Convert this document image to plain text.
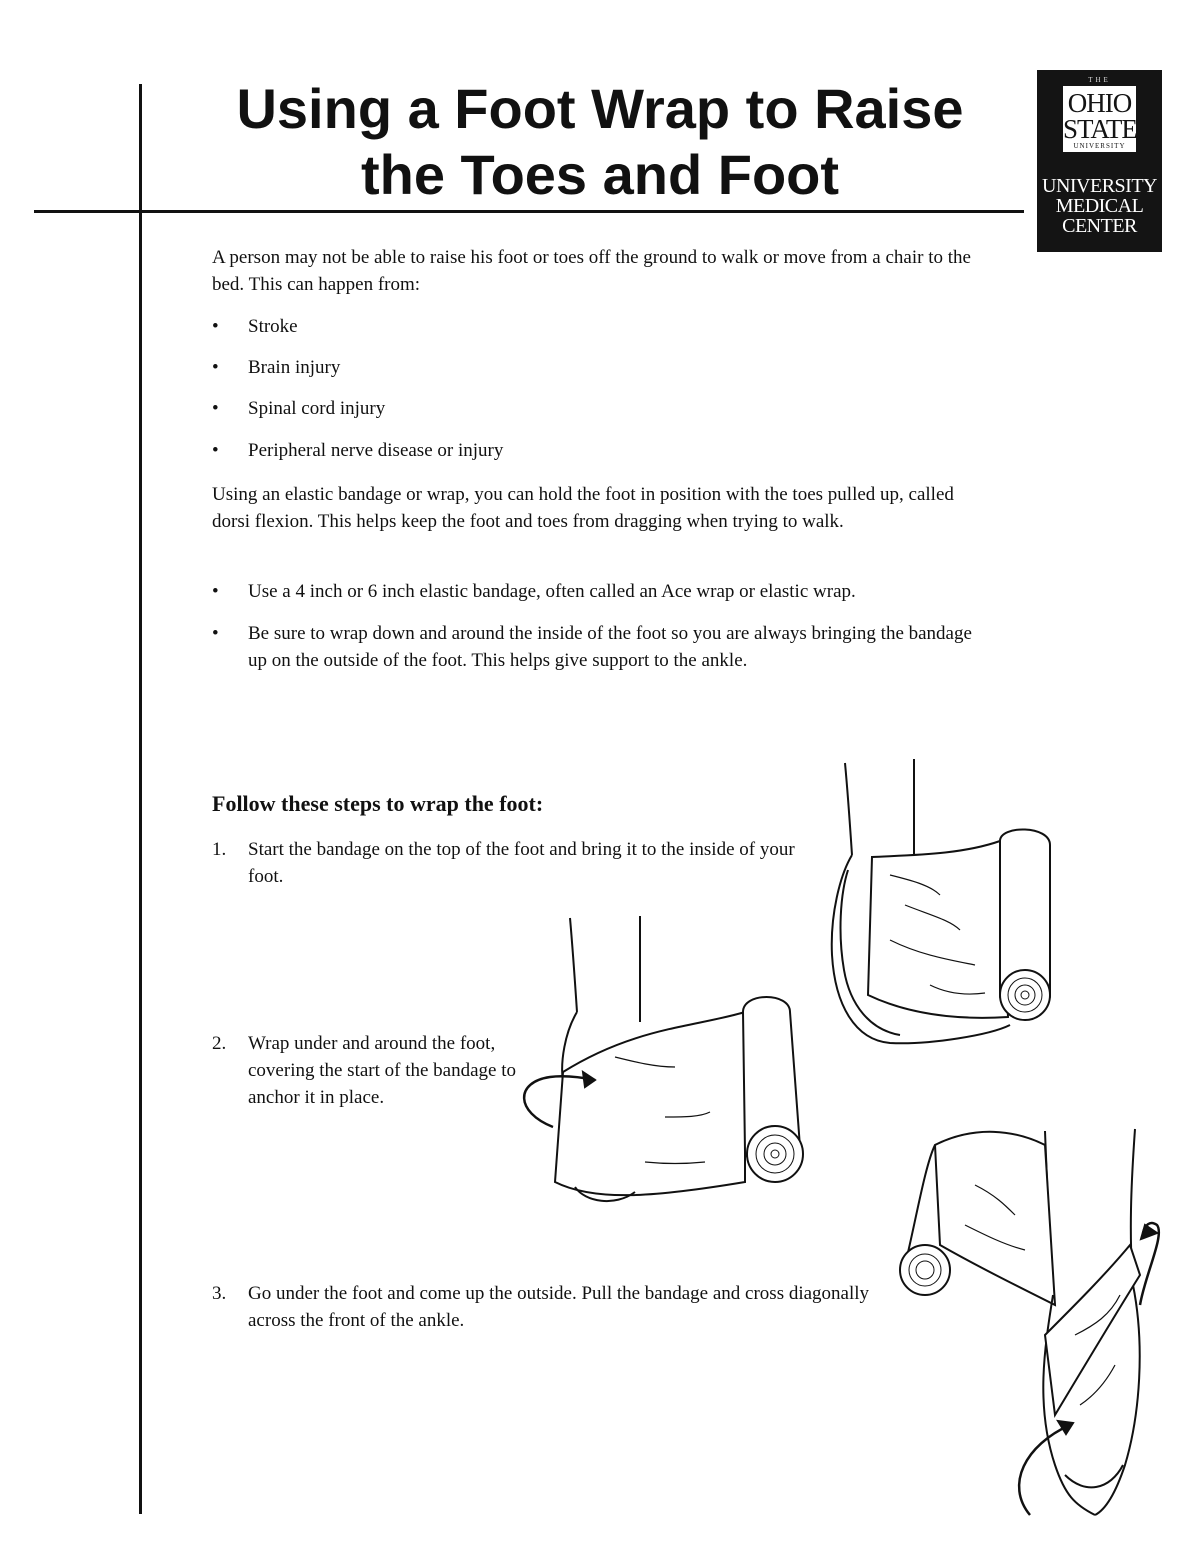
Using a Foot Wrap to Raise
the Toes and Foot
THE
OHIO
STATE
UNIVERSITY
UNIVERSITY
MEDICAL
CENTER

A person may not be able to raise his foot or toes off the ground to walk or move from a chair to the bed. This can happen from:

• Stroke
• Brain injury
• Spinal cord injury
• Peripheral nerve disease or injury

Using an elastic bandage or wrap, you can hold the foot in position with the toes pulled up, called dorsi flexion. This helps keep the foot and toes from dragging when trying to walk.

• Use a 4 inch or 6 inch elastic bandage, often called an Ace wrap or elastic wrap.
• Be sure to wrap down and around the inside of the foot so you are always bringing the bandage up on the outside of the foot. This helps give support to the ankle.
Follow these steps to wrap the foot:
1. Start the bandage on the top of the foot and bring it to the inside of your foot.
2. Wrap under and around the foot, covering the start of the bandage to anchor it in place.
3. Go under the foot and come up the outside. Pull the bandage and cross diagonally across the front of the ankle.
